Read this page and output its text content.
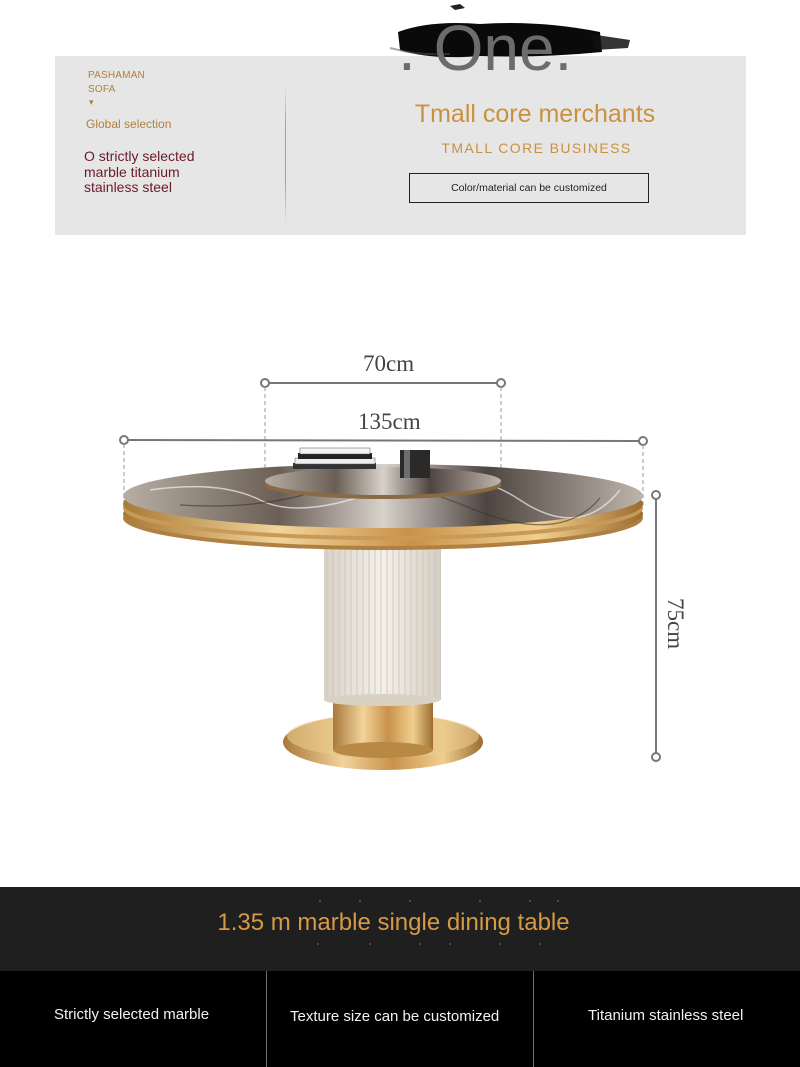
. One.
PASHAMAN
SOFA
▾
Global selection
O strictly selected marble titanium stainless steel
Tmall core merchants
TMALL CORE BUSINESS
Color/material can be customized
70cm
135cm
75cm
1.35 m marble single dining table
Strictly selected marble	Texture size can be customized	Titanium stainless steel
